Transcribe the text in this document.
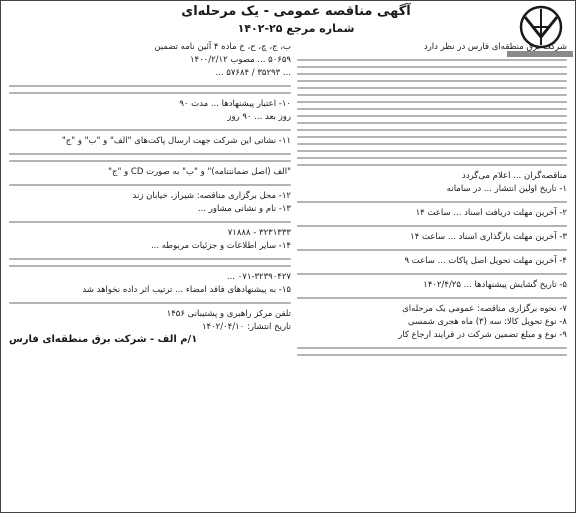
آگهی مناقصه عمومی - یک مرحله‌ای
شماره مرجع ۲۵-۱۴۰۲
شرکت برق منطقه‌ای فارس در نظر دارد
مناقصه‌گران ... اعلام می‌گردد
۱- تاریخ اولین انتشار ... در سامانه
۲- آخرین مهلت دریافت اسناد ... ساعت ۱۴
۳- آخرین مهلت بارگذاری اسناد ... ساعت ۱۴
۴- آخرین مهلت تحویل اصل پاکات ... ساعت ۹
۵- تاریخ گشایش پیشنهادها ... ۱۴۰۲/۴/۲۵
۷- نحوه برگزاری مناقصه: عمومی یک مرحله‌ای
۸- نوع تحویل کالا: سه (۳) ماه هجری شمسی
۹- نوع و مبلغ تضمین شرکت در فرایند ارجاع کار
ب، ج، چ، ح، خ ماده ۴ آئین نامه تضمین
۵۰۶۵۹ ... مصوب ۱۴۰۰/۲/۱۲
... ۳۵۲۹۳ / ۵۷۶۸۴ ...
۱۰- اعتبار پیشنهادها ... مدت ۹۰
روز بعد ... ۹۰ روز
۱۱- نشانی این شرکت جهت ارسال پاکت‌های "الف" و "ب" و "ج"
"الف (اصل ضمانتنامه)" و "ب" به صورت CD و "ج"
۱۲- محل برگزاری مناقصه: شیراز، خیابان زند
۱۳- نام و نشانی مشاور ...
۳۲۳۱۳۳۳ - ۷۱۸۸۸
۱۴- سایر اطلاعات و جزئیات مربوطه ...
۰۷۱-۳۲۳۹۰۴۲۷ ...
۱۵- به پیشنهادهای فاقد امضاء ... ترتیب اثر داده نخواهد شد
تلفن مرکز راهبری و پشتیبانی ۱۴۵۶
تاریخ انتشار: ۱۴۰۲/۰۴/۱۰
۱/م الف - شرکت برق منطقه‌ای فارس
